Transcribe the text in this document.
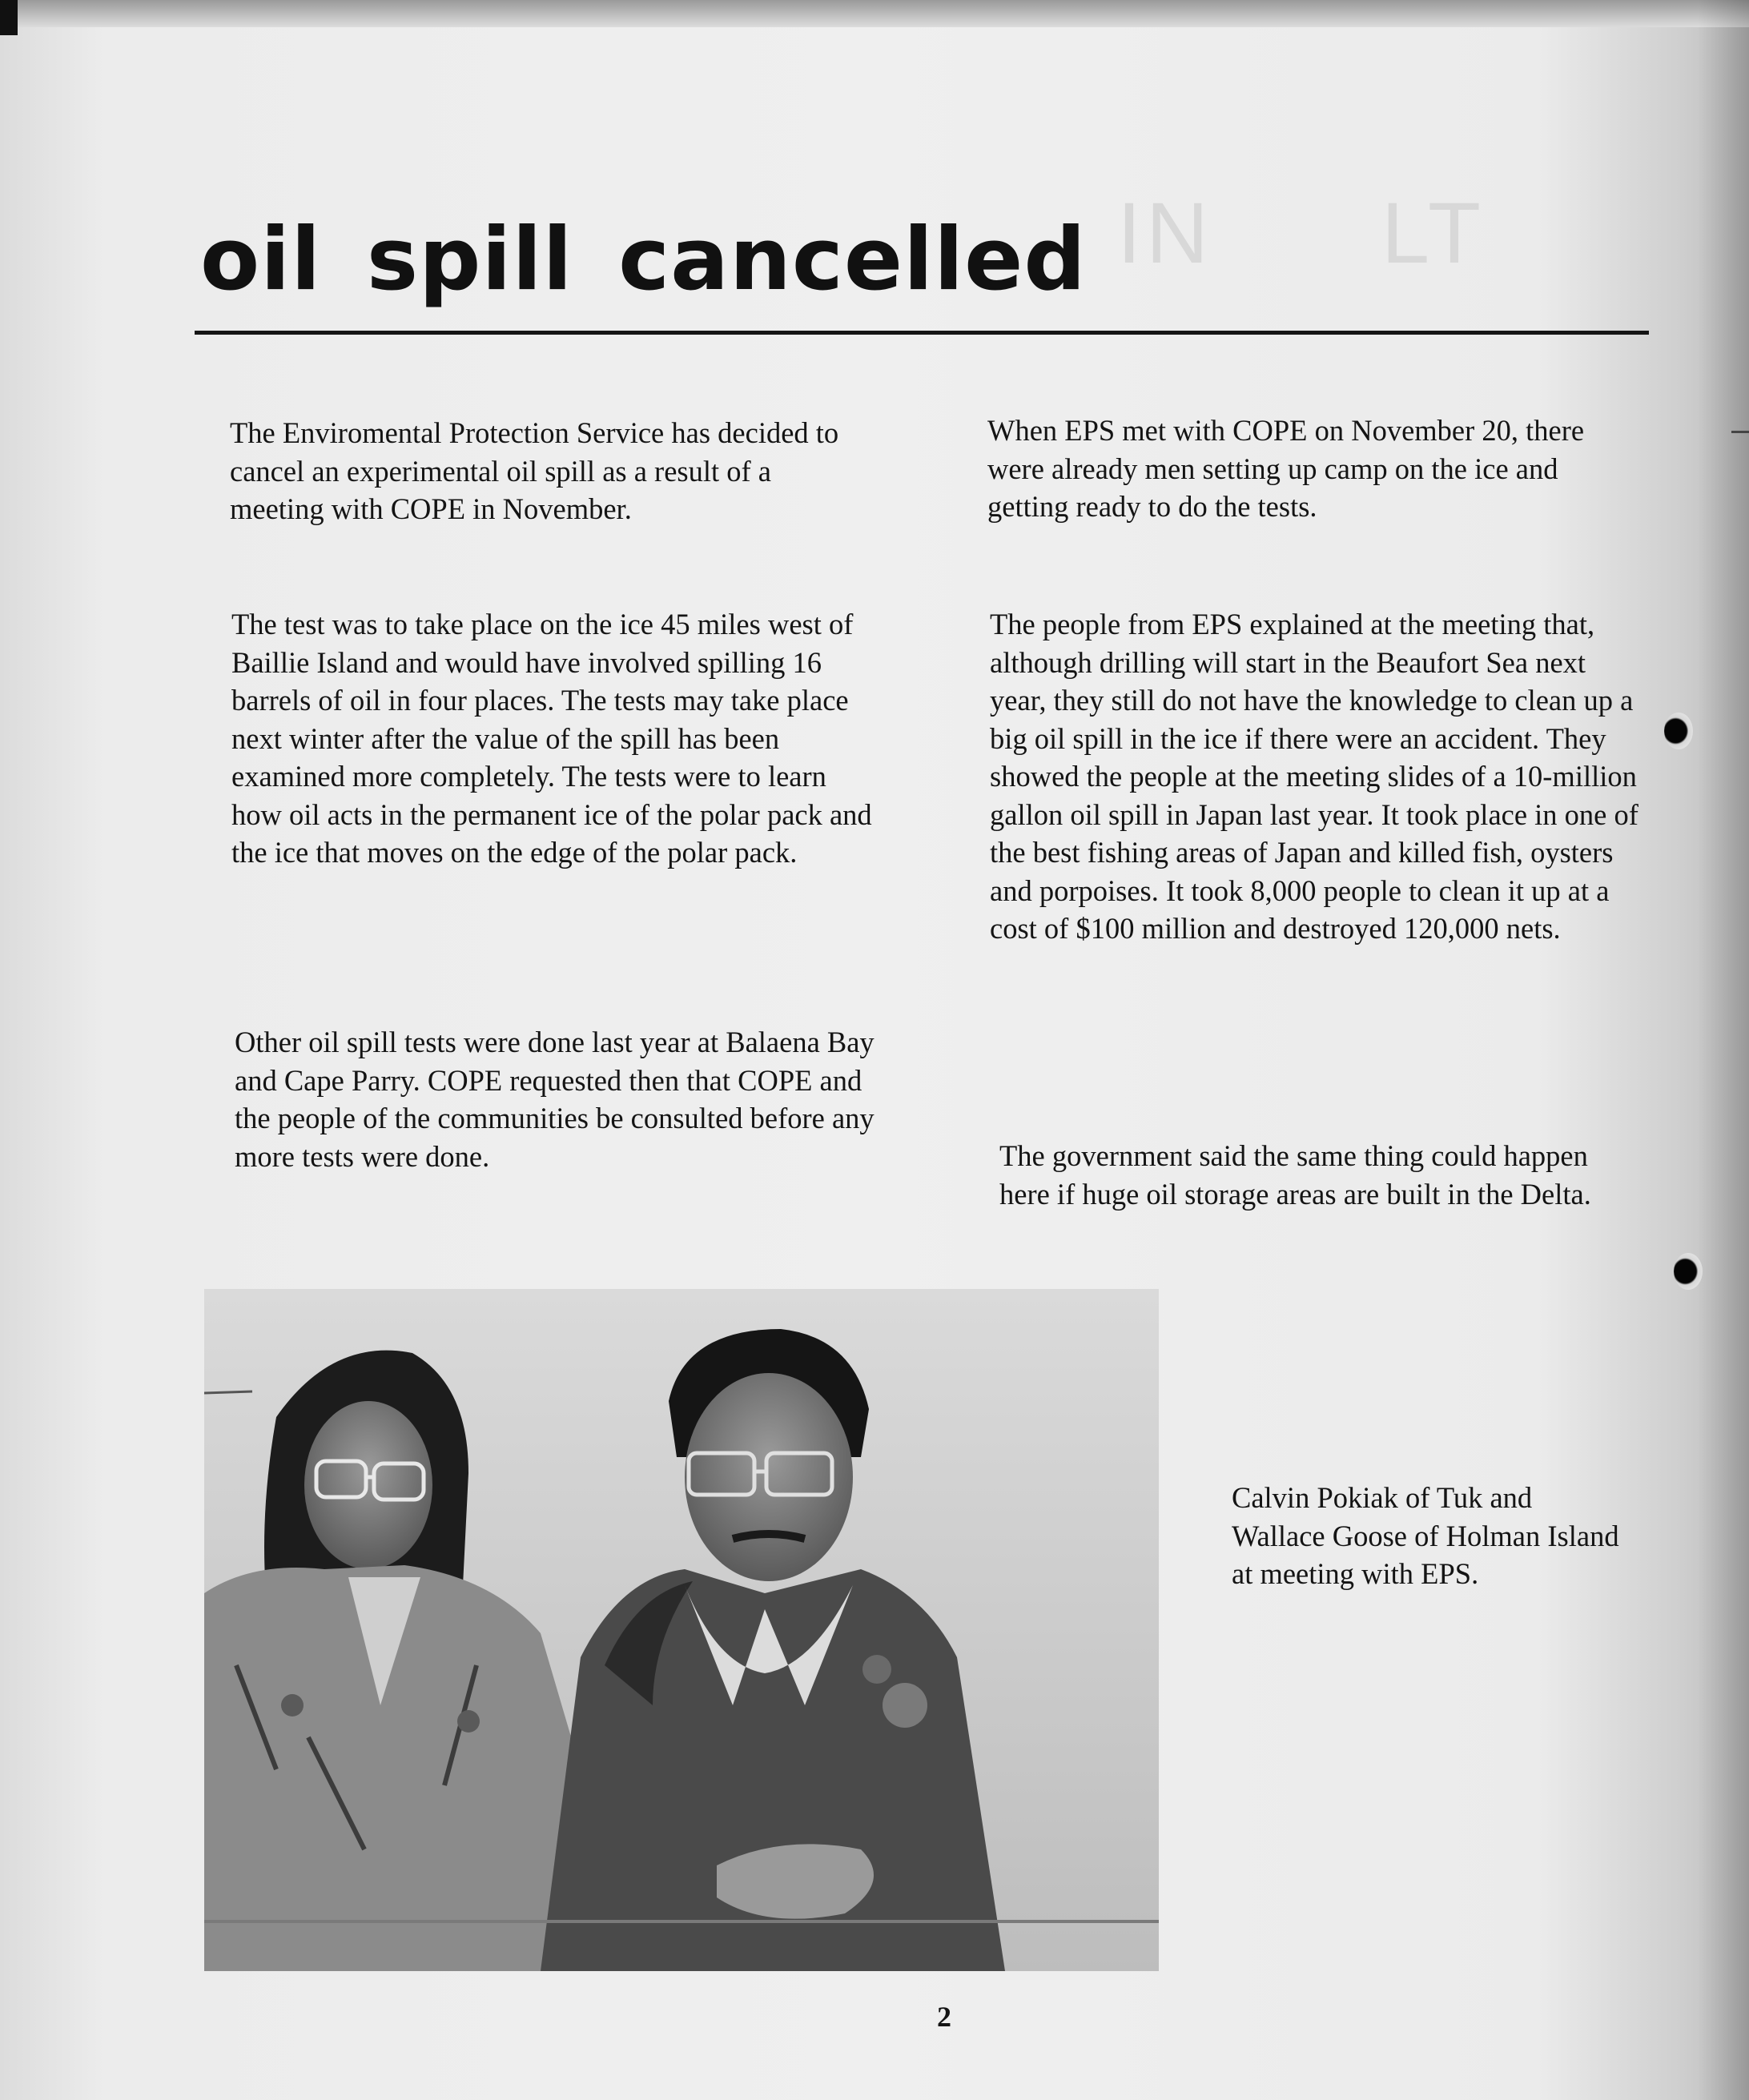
IN LT
oil spill cancelled

The Enviromental Protection Service has decided to cancel an experimental oil spill as a result of a meeting with COPE in November.

The test was to take place on the ice 45 miles west of Baillie Island and would have involved spilling 16 barrels of oil in four places. The tests may take place next winter after the value of the spill has been examined more completely. The tests were to learn how oil acts in the permanent ice of the polar pack and the ice that moves on the edge of the polar pack.

Other oil spill tests were done last year at Balaena Bay and Cape Parry. COPE requested then that COPE and the people of the communities be consulted before any more tests were done.

When EPS met with COPE on November 20, there were already men setting up camp on the ice and getting ready to do the tests.

The people from EPS explained at the meeting that, although drilling will start in the Beaufort Sea next year, they still do not have the knowledge to clean up a big oil spill in the ice if there were an accident. They showed the people at the meeting slides of a 10-million gallon oil spill in Japan last year. It took place in one of the best fishing areas of Japan and killed fish, oysters and porpoises. It took 8,000 people to clean it up at a cost of $100 million and destroyed 120,000 nets.

The government said the same thing could happen here if huge oil storage areas are built in the Delta.

Calvin Pokiak of Tuk and Wallace Goose of Holman Island at meeting with EPS.

2
